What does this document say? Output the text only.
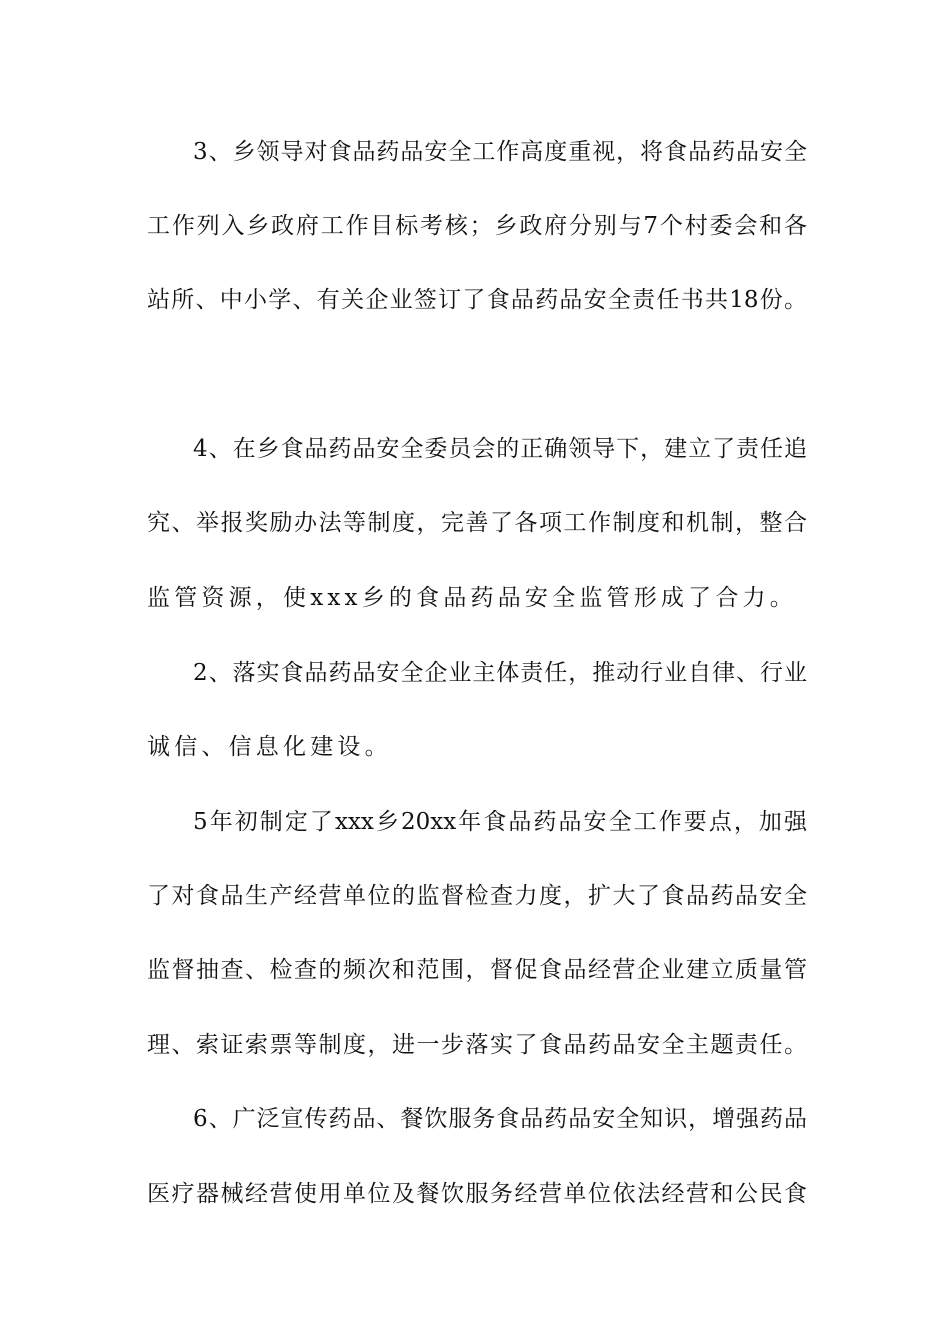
3、乡领导对食品药品安全工作高度重视，将食品药品安全
工作列入乡政府工作目标考核；乡政府分别与7个村委会和各
站所、中小学、有关企业签订了食品药品安全责任书共18份。
4、在乡食品药品安全委员会的正确领导下，建立了责任追
究、举报奖励办法等制度，完善了各项工作制度和机制，整合
监管资源，使xxx乡的食品药品安全监管形成了合力。
2、落实食品药品安全企业主体责任，推动行业自律、行业
诚信、信息化建设。
5年初制定了xxx乡20xx年食品药品安全工作要点，加强
了对食品生产经营单位的监督检查力度，扩大了食品药品安全
监督抽查、检查的频次和范围，督促食品经营企业建立质量管
理、索证索票等制度，进一步落实了食品药品安全主题责任。
6、广泛宣传药品、餐饮服务食品药品安全知识，增强药品
医疗器械经营使用单位及餐饮服务经营单位依法经营和公民食
